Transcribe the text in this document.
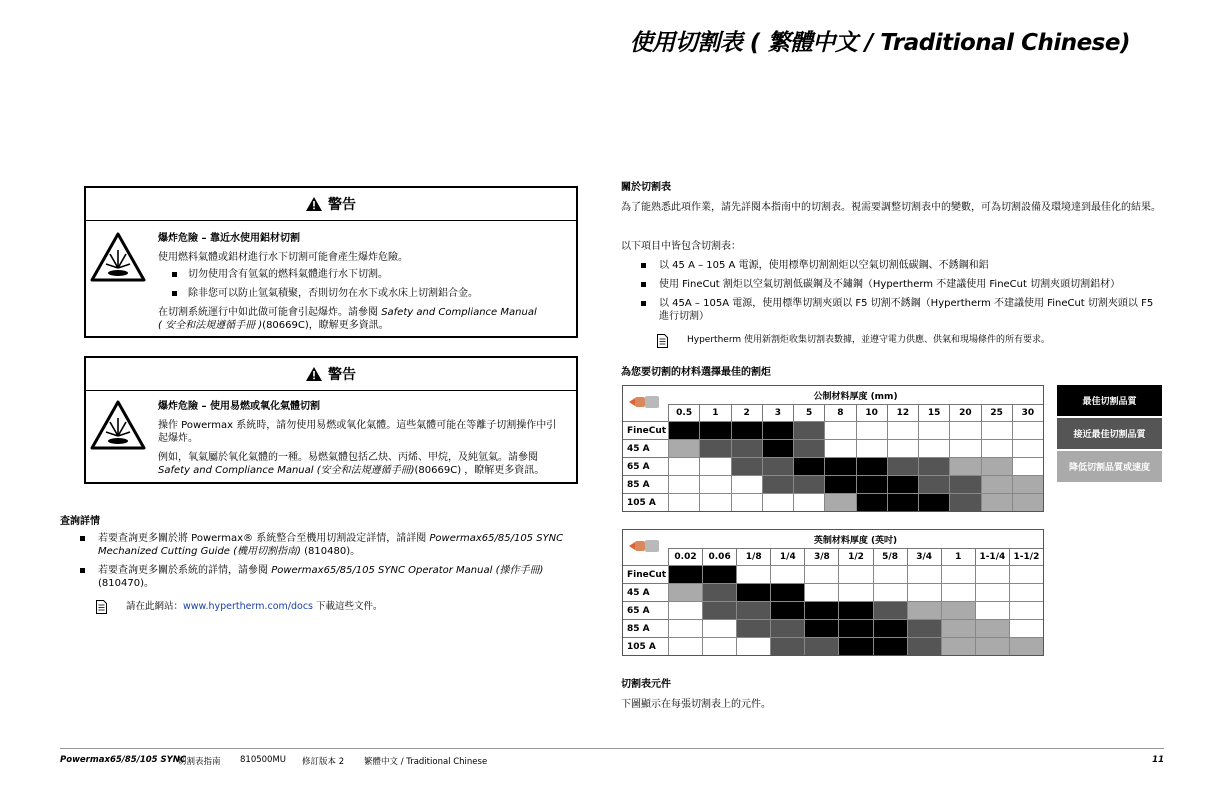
使用切割表 ( 繁體中文 / Traditional Chinese)
警告

爆炸危險 – 靠近水使用鋁材切割

使用燃料氣體或鋁材進行水下切割可能會產生爆炸危險。

切勿使用含有氫氣的燃料氣體進行水下切割。
除非您可以防止氫氣積聚，否則切勿在水下或水床上切割鋁合金。

在切割系統運行中如此做可能會引起爆炸。請參閱 Safety and Compliance Manual
( 安全和法規遵循手冊 )(80669C)，瞭解更多資訊。

警告

爆炸危險 – 使用易燃或氧化氣體切割

操作 Powermax 系統時，請勿使用易燃或氧化氣體。這些氣體可能在等離子切割操作中引起爆炸。

例如，氧氣屬於氧化氣體的一種。易燃氣體包括乙炔、丙烯、甲烷，及純氫氣。請參閱 Safety and Compliance Manual (安全和法規遵循手冊)(80669C) ，瞭解更多資訊。

查詢詳情
若要查詢更多關於將 Powermax® 系統整合至機用切割設定詳情，請詳閱 Powermax65/85/105 SYNC Mechanized Cutting Guide (機用切割指南) (810480)。
若要查詢更多關於系統的詳情，請參閱 Powermax65/85/105 SYNC Operator Manual (操作手冊) (810470)。
請在此網站：www.hypertherm.com/docs 下載這些文件。
關於切割表
為了能熟悉此項作業，請先詳閱本指南中的切割表。視需要調整切割表中的變數，可為切割設備及環境達到最佳化的結果。
以下項目中皆包含切割表：
以 45 A – 105 A 電源，使用標準切割割炬以空氣切割低碳鋼、不銹鋼和鋁
使用 FineCut 割炬以空氣切割低碳鋼及不鏽鋼（Hypertherm 不建議使用 FineCut 切割夾頭切割鋁材）
以 45A – 105A 電源，使用標準切割夾頭以 F5 切割不銹鋼（Hypertherm 不建議使用 FineCut 切割夾頭以 F5 進行切割）
Hypertherm 使用新割炬收集切割表數據，並遵守電力供應、供氣和現場條件的所有要求。
為您要切割的材料選擇最佳的割炬
公制材料厚度 (mm)
0.5	1	2	3	5	8	10	12	15	20	25	30
FineCut
45 A
65 A
85 A
105 A
英制材料厚度 (英吋)
0.02	0.06	1/8	1/4	3/8	1/2	5/8	3/4	1	1-1/4 1-1/2
FineCut
45 A
65 A
85 A
105 A
最佳切割品質
接近最佳切割品質
降低切割品質或速度
切割表元件
下圖顯示在每張切割表上的元件。
Powermax65/85/105 SYNC
切割表指南 810500MU 修訂版本 2 繁體中文 / Traditional Chinese	11
